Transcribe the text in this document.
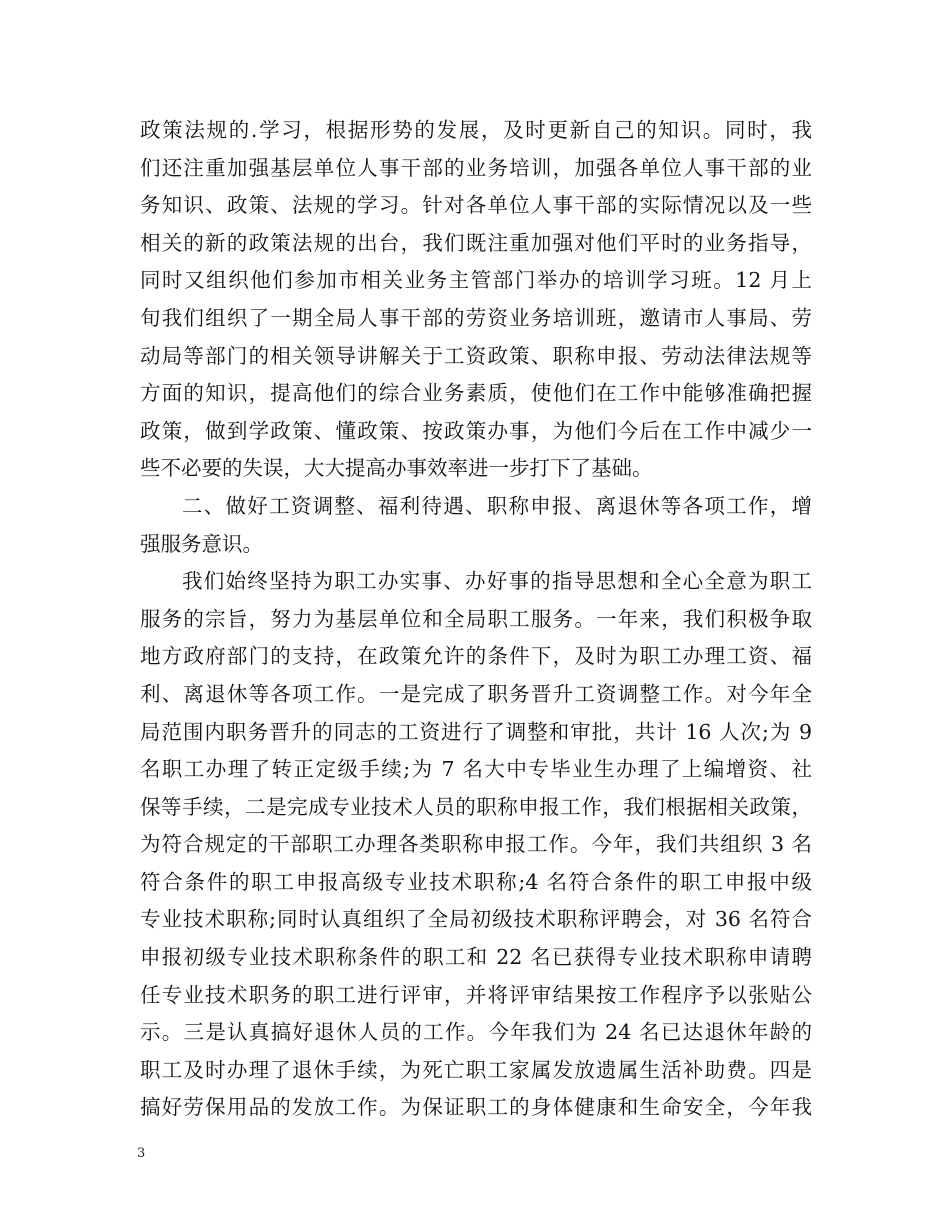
政策法规的.学习，根据形势的发展，及时更新自己的知识。同时，我
们还注重加强基层单位人事干部的业务培训，加强各单位人事干部的业
务知识、政策、法规的学习。针对各单位人事干部的实际情况以及一些
相关的新的政策法规的出台，我们既注重加强对他们平时的业务指导，
同时又组织他们参加市相关业务主管部门举办的培训学习班。12 月上
旬我们组织了一期全局人事干部的劳资业务培训班，邀请市人事局、劳
动局等部门的相关领导讲解关于工资政策、职称申报、劳动法律法规等
方面的知识，提高他们的综合业务素质，使他们在工作中能够准确把握
政策，做到学政策、懂政策、按政策办事，为他们今后在工作中减少一
些不必要的失误，大大提高办事效率进一步打下了基础。
二、做好工资调整、福利待遇、职称申报、离退休等各项工作，增
强服务意识。
我们始终坚持为职工办实事、办好事的指导思想和全心全意为职工
服务的宗旨，努力为基层单位和全局职工服务。一年来，我们积极争取
地方政府部门的支持，在政策允许的条件下，及时为职工办理工资、福
利、离退休等各项工作。一是完成了职务晋升工资调整工作。对今年全
局范围内职务晋升的同志的工资进行了调整和审批，共计 16 人次;为 9
名职工办理了转正定级手续;为 7 名大中专毕业生办理了上编增资、社
保等手续，二是完成专业技术人员的职称申报工作，我们根据相关政策，
为符合规定的干部职工办理各类职称申报工作。今年，我们共组织 3 名
符合条件的职工申报高级专业技术职称;4 名符合条件的职工申报中级
专业技术职称;同时认真组织了全局初级技术职称评聘会，对 36 名符合
申报初级专业技术职称条件的职工和 22 名已获得专业技术职称申请聘
任专业技术职务的职工进行评审，并将评审结果按工作程序予以张贴公
示。三是认真搞好退休人员的工作。今年我们为 24 名已达退休年龄的
职工及时办理了退休手续，为死亡职工家属发放遗属生活补助费。四是
搞好劳保用品的发放工作。为保证职工的身体健康和生命安全，今年我
3
